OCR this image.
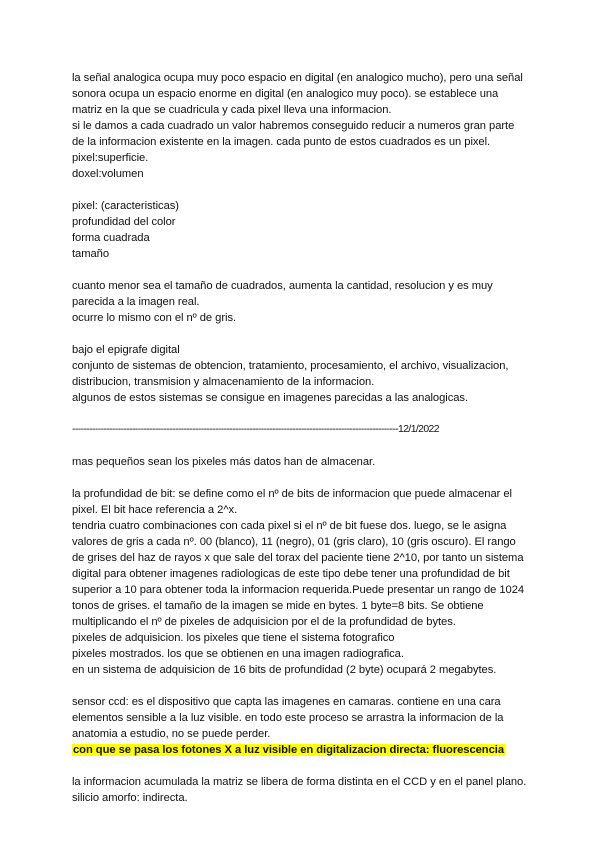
la señal analogica ocupa muy poco espacio en digital (en analogico mucho), pero una señal
sonora ocupa un espacio enorme en digital (en analogico muy poco). se establece una
matriz en la que se cuadricula y cada pixel lleva una informacion.
si le damos a cada cuadrado un valor habremos conseguido reducir a numeros gran parte
de la informacion existente en la imagen. cada punto de estos cuadrados es un pixel.
pixel:superficie.
doxel:volumen
pixel: (caracteristicas)
profundidad del color
forma cuadrada
tamaño
cuanto menor sea el tamaño de cuadrados, aumenta la cantidad, resolucion y es muy
parecida a la imagen real.
ocurre lo mismo con el nº de gris.
bajo el epigrafe digital
conjunto de sistemas de obtencion, tratamiento, procesamiento, el archivo, visualizacion,
distribucion, transmision y almacenamiento de la informacion.
algunos de estos sistemas se consigue en imagenes parecidas a las analogicas.
------------------------------------------------------------------------------------------------------------------12/1/2022
mas pequeños sean los pixeles más datos han de almacenar.
la profundidad de bit: se define como el nº de bits de informacion que puede almacenar el
pixel. El bit hace referencia a 2^x.
tendria cuatro combinaciones con cada pixel si el nº de bit fuese dos. luego, se le asigna
valores de gris a cada nº. 00 (blanco), 11 (negro), 01 (gris claro), 10 (gris oscuro). El rango
de grises del haz de rayos x que sale del torax del paciente tiene 2^10, por tanto un sistema
digital para obtener imagenes radiologicas de este tipo debe tener una profundidad de bit
superior a 10 para obtener toda la informacion requerida.Puede presentar un rango de 1024
tonos de grises. el tamaño de la imagen se mide en bytes. 1 byte=8 bits. Se obtiene
multiplicando el nº de pixeles de adquisicion por el de la profundidad de bytes.
pixeles de adquisicion. los pixeles que tiene el sistema fotografico
pixeles mostrados. los que se obtienen en una imagen radiografica.
en un sistema de adquisicion de 16 bits de profundidad (2 byte) ocupará 2 megabytes.
sensor ccd: es el dispositivo que capta las imagenes en camaras. contiene en una cara
elementos sensible a la luz visible. en todo este proceso se arrastra la informacion de la
anatomia a estudio, no se puede perder.
con que se pasa los fotones X a luz visible en digitalizacion directa: fluorescencia
la informacion acumulada la matriz se libera de forma distinta en el CCD y en el panel plano.
silicio amorfo: indirecta.
